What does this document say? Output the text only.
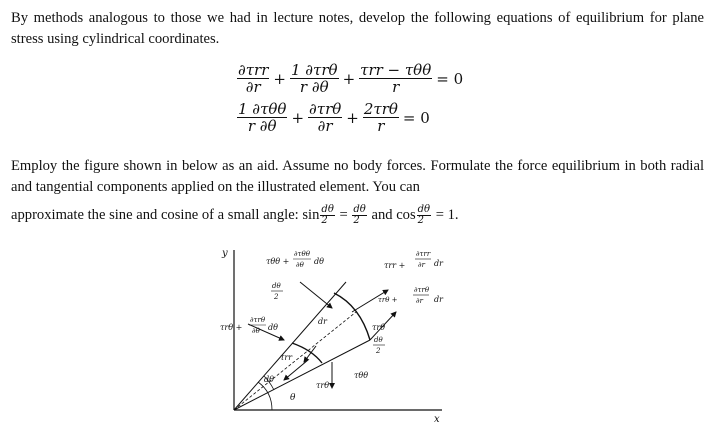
By methods analogous to those we had in lecture notes, develop the following equations of equilibrium for plane stress using cylindrical coordinates.
$\frac{\text{∂τrr}}{\partial r} + \frac{\text{1 ∂τrθ}}{r \partial\theta} + \frac{\text{τrr − τθθ}}{r} = 0$
$\frac{\text{1 ∂τθθ}}{r \partial\theta} + \frac{\text{∂τrθ}}{\partial r} + \frac{\text{2τrθ}}{r} = 0$
Employ the figure shown in below as an aid. Assume no body forces. Formulate the force equilibrium in both radial and tangential components applied on the illustrated element. You can
approximate the sine and cosine of a small angle: $\sin \frac{d\theta}{2} = \frac{d\theta}{2}$ and $\cos \frac{d\theta}{2} = 1$.
y
x
θ
dθ
dr
τθθ +
∂τθθ
∂θ dθ
dθ
2
τrθ +
∂τrθ
∂θ dθ
τrr +
∂τrr
∂r dr
τrθ +
∂τrθ
∂r dr
τrr
τrθ
τθθ
τrθ
dθ
2
